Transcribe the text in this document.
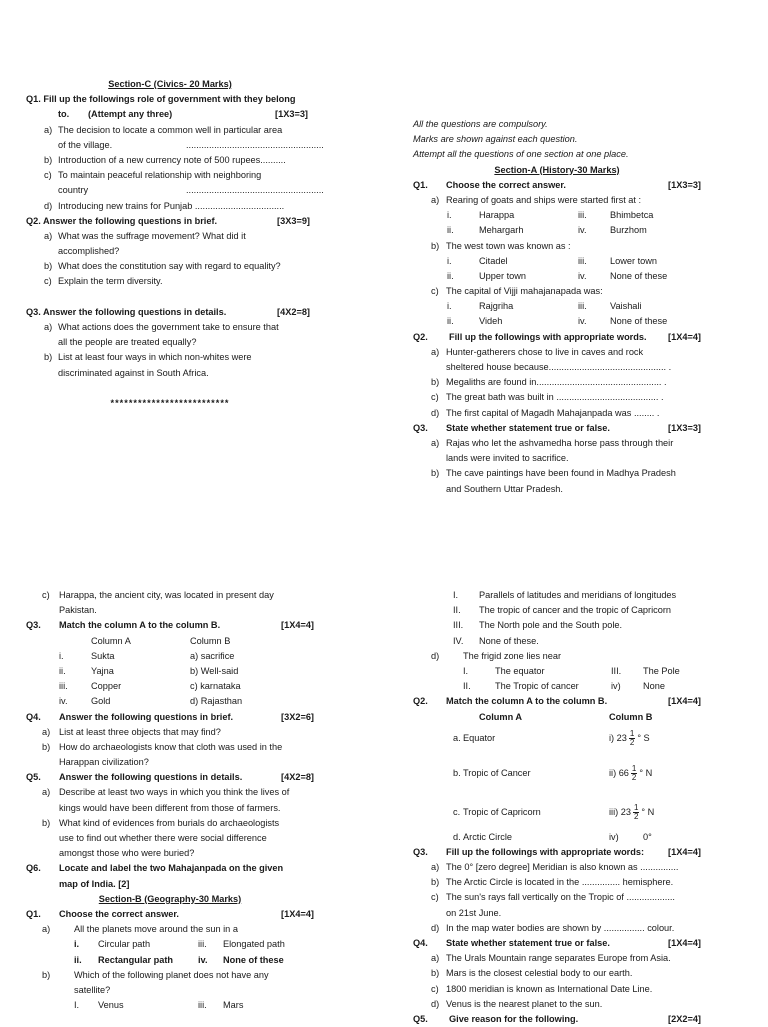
Section-C (Civics- 20 Marks)
Q1. Fill up the followings role of government with they belong
to. (Attempt any three)	[1X3=3]
a) The decision to locate a common well in particular area
of the village.	......................................................
b) Introduction of a new currency note of 500 rupees..........
c) To maintain peaceful relationship with neighboring
country	......................................................
d) Introducing new trains for Punjab ...................................
Q2. Answer the following questions in brief.	[3X3=9]
a) What was the suffrage movement? What did it
accomplished?
b) What does the constitution say with regard to equality?
c) Explain the term diversity.
Q3. Answer the following questions in details.	[4X2=8]
a) What actions does the government take to ensure that
all the people are treated equally?
b) List at least four ways in which non-whites were
discriminated against in South Africa.
**************************
All the questions are compulsory.
Marks are shown against each question.
Attempt all the questions of one section at one place.
Section-A (History-30 Marks)
Q1. Choose the correct answer.	[1X3=3]
a) Rearing of goats and ships were started first at :
i.	Harappa	iii.	Bhimbetca
ii.	Mehargarh	iv.	Burzhom
b) The west town was known as :
i.	Citadel	iii.	Lower town
ii.	Upper town	iv.	None of these
c) The capital of Vijji mahajanapada was:
i.	Rajgriha	iii.	Vaishali
ii.	Videh	iv.	None of these
Q2. Fill up the followings with appropriate words. [1X4=4]
a) Hunter-gatherers chose to live in caves and rock
sheltered house because.............................................. .
b) Megaliths are found in................................................. .
c) The great bath was built in ........................................ .
d) The first capital of Magadh Mahajanpada was ........ .
Q3. State whether statement true or false.	[1X3=3]
a) Rajas who let the ashvamedha horse pass through their
lands were invited to sacrifice.
b) The cave paintings have been found in Madhya Pradesh
and Southern Uttar Pradesh.
c) Harappa, the ancient city, was located in present day
Pakistan.
Q3. Match the column A to the column B.	[1X4=4]
Column A	Column B
i.	Sukta	a) sacrifice
ii.	Yajna	b) Well-said
iii.	Copper	c) karnataka
iv.	Gold	d) Rajasthan
Q4. Answer the following questions in brief.	[3X2=6]
a) List at least three objects that may find?
b) How do archaeologists know that cloth was used in the
Harappan civilization?
Q5. Answer the following questions in details.	[4X2=8]
a) Describe at least two ways in which you think the lives of
kings would have been different from those of farmers.
b) What kind of evidences from burials do archaeologists
use to find out whether there were social difference
amongst those who were buried?
Q6. Locate and label the two Mahajanpada on the given
map of India. [2]
Section-B (Geography-30 Marks)
Q1. Choose the correct answer.	[1X4=4]
a)	All the planets move around the sun in a
i. Circular path	iii. Elongated path
ii. Rectangular path	iv. None of these
b)	Which of the following planet does not have any
satellite?
I. Venus	iii. Mars
I. Parallels of latitudes and meridians of longitudes
II. The tropic of cancer and the tropic of Capricorn
III. The North pole and the South pole.
IV. None of these.
d)	The frigid zone lies near
I.	The equator	III. The Pole
II.	The Tropic of cancer	iv) None
Q2. Match the column A to the column B.	[1X4=4]
Column A	Column B
a. Equator	i) $23 \frac{1}{2}$ ° S
b. Tropic of Cancer	ii) $66 \frac{1}{2}$ ° N
c. Tropic of Capricorn	iii) $23 \frac{1}{2}$ ° N
d. Arctic Circle	iv)	0°
Q3. Fill up the followings with appropriate words:	[1X4=4]
a) The 0° [zero degree] Meridian is also known as ...............
b) The Arctic Circle is located in the ............... hemisphere.
c) The sun's rays fall vertically on the Tropic of ...................
on 21st June.
d) In the map water bodies are shown by ................ colour.
Q4. State whether statement true or false.	[1X4=4]
a) The Urals Mountain range separates Europe from Asia.
b) Mars is the closest celestial body to our earth.
c) 1800 meridian is known as International Date Line.
d) Venus is the nearest planet to the sun.
Q5. Give reason for the following.	[2X2=4]
